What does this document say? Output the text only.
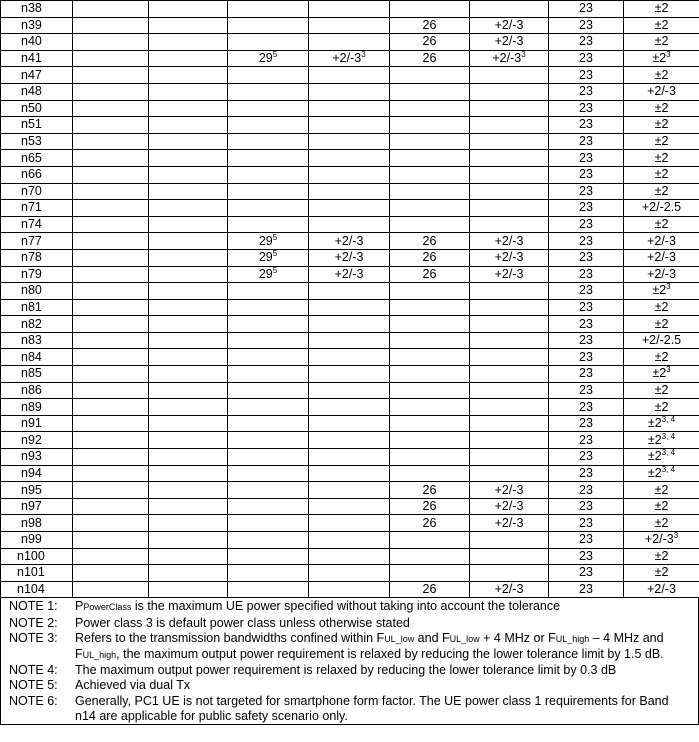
n38							23	±2
n39					26	+2/-3	23	±2
n40					26	+2/-3	23	±2
n41			$29^5$	$+2/-3^3$	26	$+2/-3^3$	23	$\pm 2^3$
n47							23	±2
n48							23	+2/-3
n50							23	±2
n51							23	±2
n53							23	±2
n65							23	±2
n66							23	±2
n70							23	±2
n71							23	+2/-2.5
n74							23	±2
n77			$29^5$	+2/-3	26	+2/-3	23	+2/-3
n78			$29^5$	+2/-3	26	+2/-3	23	+2/-3
n79			$29^5$	+2/-3	26	+2/-3	23	+2/-3
n80							23	$\pm 2^3$
n81							23	±2
n82							23	±2
n83							23	+2/-2.5
n84							23	±2
n85							23	$\pm 2^3$
n86							23	±2
n89							23	±2
n91							23	$\pm 2^{3, 4}$
n92							23	$\pm 2^{3, 4}$
n93							23	$\pm 2^{3, 4}$
n94							23	$\pm 2^{3, 4}$
n95					26	+2/-3	23	±2
n97					26	+2/-3	23	±2
n98					26	+2/-3	23	±2
n99							23	$+2/-3^3$
n100							23	±2
n101							23	±2
n104					26	+2/-3	23	+2/-3
NOTE 1:	PPowerClass is the maximum UE power specified without taking into account the tolerance
NOTE 2:	Power class 3 is default power class unless otherwise stated
NOTE 3:	Refers to the transmission bandwidths confined within FUL_low and FUL_low + 4 MHz or FUL_high – 4 MHz and FUL_high, the maximum output power requirement is relaxed by reducing the lower tolerance limit by 1.5 dB.
NOTE 4:	The maximum output power requirement is relaxed by reducing the lower tolerance limit by 0.3 dB
NOTE 5:	Achieved via dual Tx
NOTE 6:	Generally, PC1 UE is not targeted for smartphone form factor. The UE power class 1 requirements for Band n14 are applicable for public safety scenario only.
